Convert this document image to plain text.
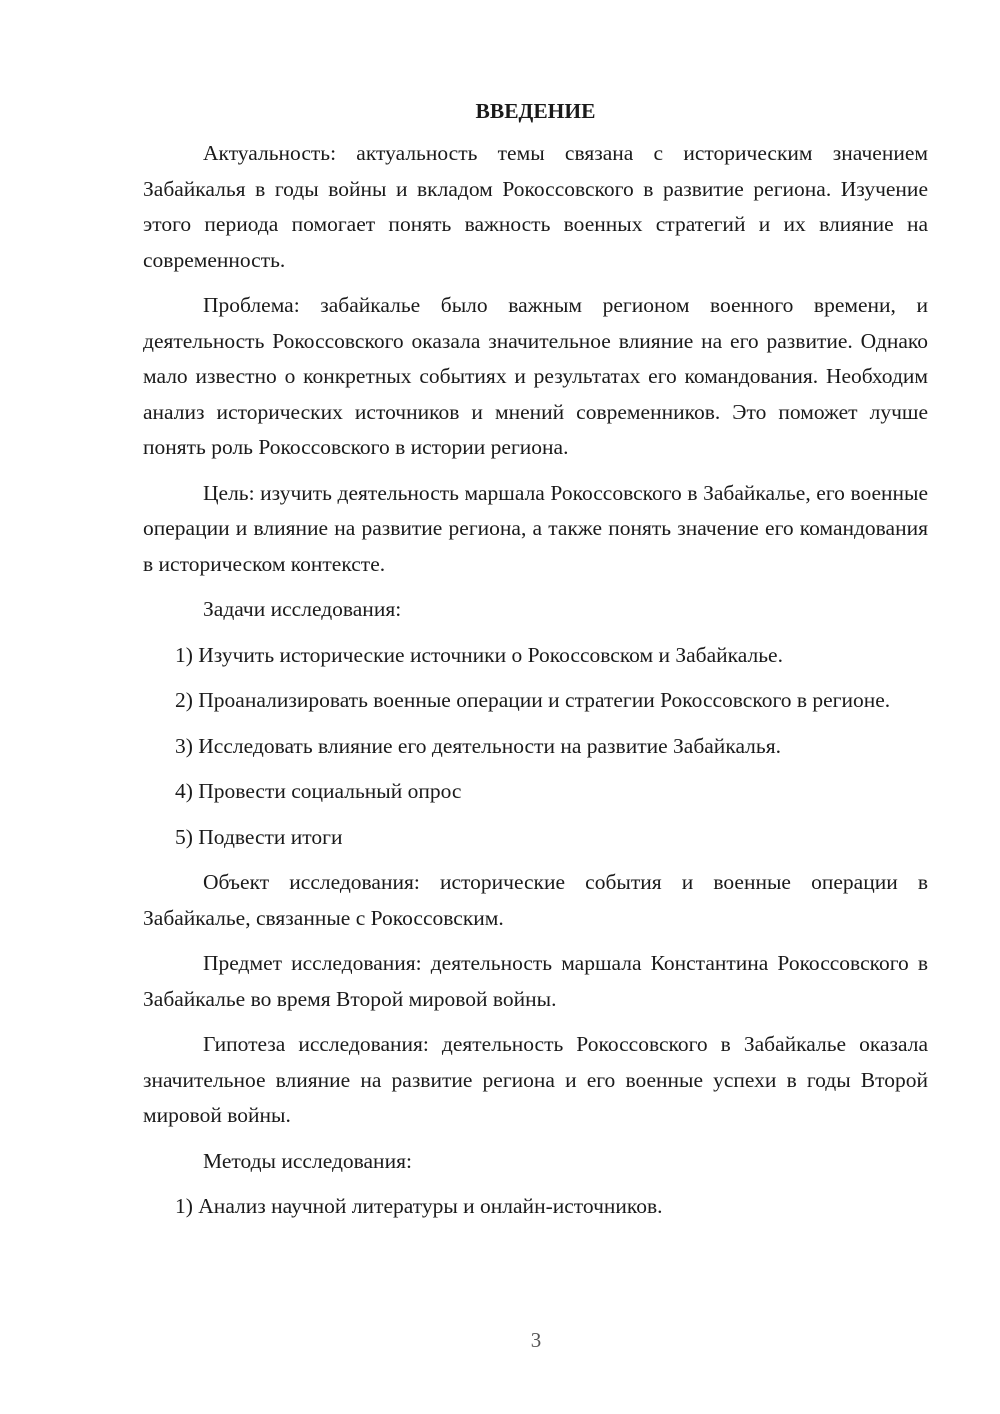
ВВЕДЕНИЕ

Актуальность: актуальность темы связана с историческим значением Забайкалья в годы войны и вкладом Рокоссовского в развитие региона. Изучение этого периода помогает понять важность военных стратегий и их влияние на современность.

Проблема: забайкалье было важным регионом военного времени, и деятельность Рокоссовского оказала значительное влияние на его развитие. Однако мало известно о конкретных событиях и результатах его командования. Необходим анализ исторических источников и мнений современников. Это поможет лучше понять роль Рокоссовского в истории региона.

Цель: изучить деятельность маршала Рокоссовского в Забайкалье, его военные операции и влияние на развитие региона, а также понять значение его командования в историческом контексте.

Задачи исследования:

1) Изучить исторические источники о Рокоссовском и Забайкалье.

2) Проанализировать военные операции и стратегии Рокоссовского в регионе.

3) Исследовать влияние его деятельности на развитие Забайкалья.

4) Провести социальный опрос

5) Подвести итоги

Объект исследования: исторические события и военные операции в Забайкалье, связанные с Рокоссовским.

Предмет исследования: деятельность маршала Константина Рокоссовского в Забайкалье во время Второй мировой войны.

Гипотеза исследования: деятельность Рокоссовского в Забайкалье оказала значительное влияние на развитие региона и его военные успехи в годы Второй мировой войны.

Методы исследования:

1) Анализ научной литературы и онлайн-источников.

3
